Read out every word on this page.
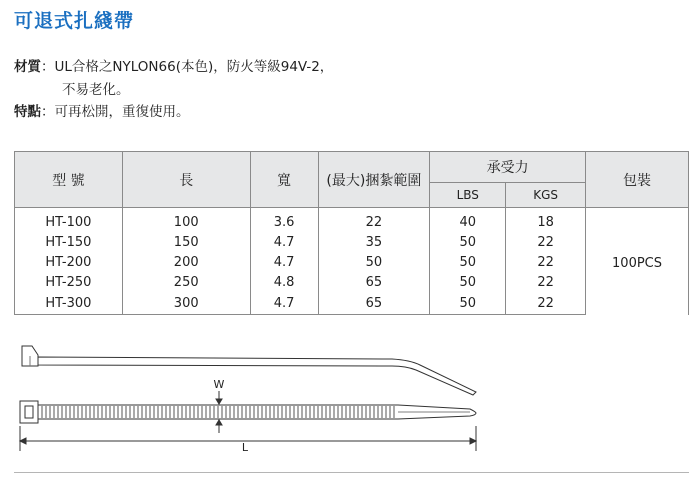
可退式扎綫帶
材質：UL合格之NYLON66(本色)，防火等級94V-2，
不易老化。
特點：可再松開，重復使用。
型 號	長	寬	(最大)捆紮範圍	承受力		包裝
				LBS	KGS	
HT-100	100	3.6	22	40	18	100PCS
HT-150	150	4.7	35	50	22	
HT-200	200	4.7	50	50	22	
HT-250	250	4.8	65	50	22	
HT-300	300	4.7	65	50	22	
W
L
